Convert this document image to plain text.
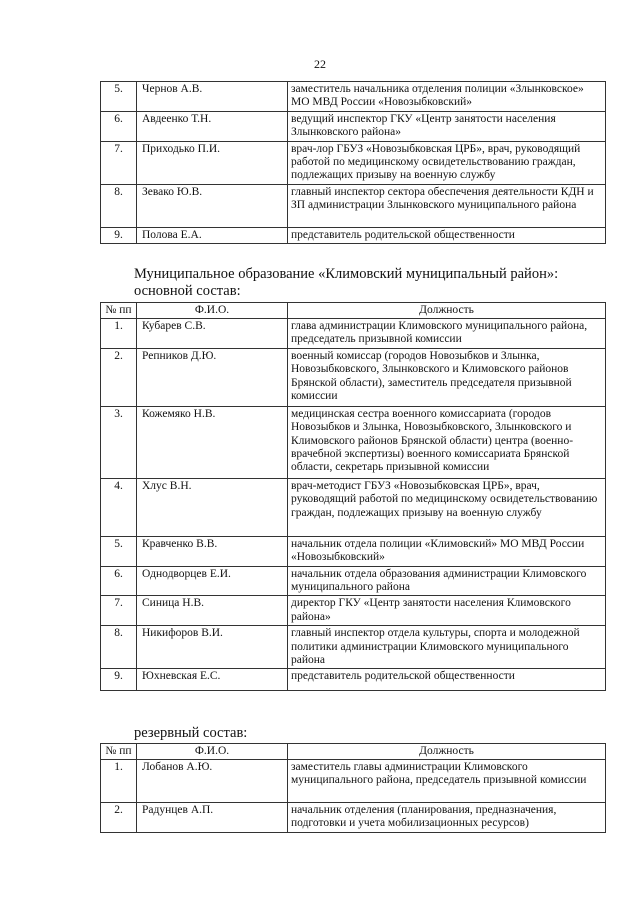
22
5.	Чернов А.В.	заместитель начальника отделения полиции «Злынковское» МО МВД России «Новозыбковский»
6.	Авдеенко Т.Н.	ведущий инспектор ГКУ «Центр занятости населения Злынковского района»
7.	Приходько П.И.	врач-лор ГБУЗ «Новозыбковская ЦРБ», врач, руководящий работой по медицинскому освидетельствованию граждан, подлежащих призыву на военную службу
8.	Зевако Ю.В.	главный инспектор сектора обеспечения деятельности КДН и ЗП администрации Злынковского муниципального района
9.	Полова Е.А.	представитель родительской общественности
Муниципальное образование «Климовский муниципальный район»:
основной состав:
№ пп	Ф.И.О.	Должность
1.	Кубарев С.В.	глава администрации Климовского муниципального района, председатель призывной комиссии
2.	Репников Д.Ю.	военный комиссар (городов Новозыбков и Злынка, Новозыбковского, Злынковского и Климовского районов Брянской области), заместитель председателя призывной комиссии
3.	Кожемяко Н.В.	медицинская сестра военного комиссариата (городов Новозыбков и Злынка, Новозыбковского, Злынковского и Климовского районов Брянской области) центра (военно-врачебной экспертизы) военного комиссариата Брянской области, секретарь призывной комиссии
4.	Хлус В.Н.	врач-методист ГБУЗ «Новозыбковская ЦРБ», врач, руководящий работой по медицинскому освидетельствованию граждан, подлежащих призыву на военную службу
5.	Кравченко В.В.	начальник отдела полиции «Климовский» МО МВД России «Новозыбковский»
6.	Однодворцев Е.И.	начальник отдела образования администрации Климовского муниципального района
7.	Синица Н.В.	директор ГКУ «Центр занятости населения Климовского района»
8.	Никифоров В.И.	главный инспектор отдела культуры, спорта и молодежной политики администрации Климовского муниципального района
9.	Юхневская Е.С.	представитель родительской общественности
резервный состав:
№ пп	Ф.И.О.	Должность
1.	Лобанов А.Ю.	заместитель главы администрации Климовского муниципального района, председатель призывной комиссии
2.	Радунцев А.П.	начальник отделения (планирования, предназначения, подготовки и учета мобилизационных ресурсов)
